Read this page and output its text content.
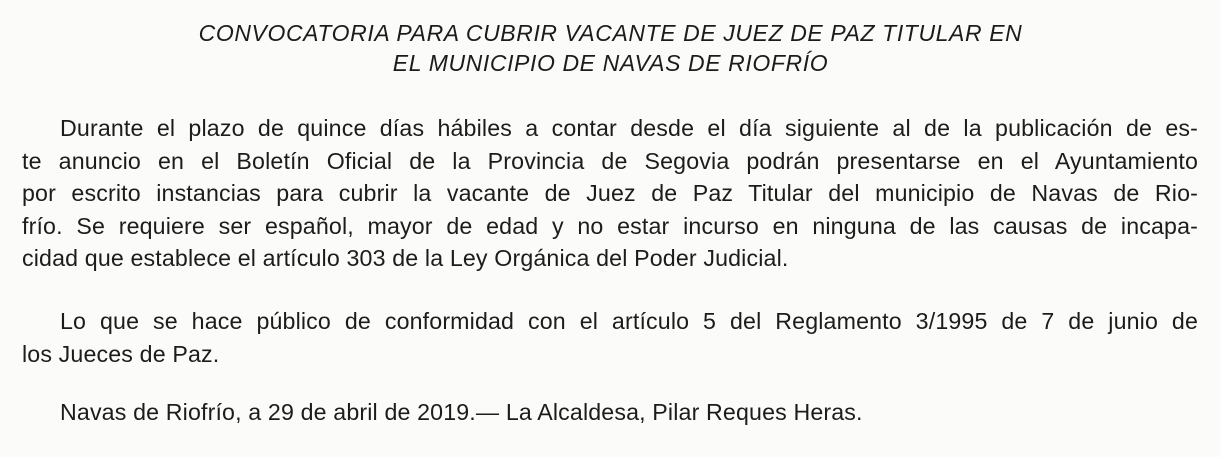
CONVOCATORIA PARA CUBRIR VACANTE DE JUEZ DE PAZ TITULAR EN
EL MUNICIPIO DE NAVAS DE RIOFRÍO
Durante el plazo de quince días hábiles a contar desde el día siguiente al de la publicación de es-
te anuncio en el Boletín Oficial de la Provincia de Segovia podrán presentarse en el Ayuntamiento
por escrito instancias para cubrir la vacante de Juez de Paz Titular del municipio de Navas de Rio-
frío. Se requiere ser español, mayor de edad y no estar incurso en ninguna de las causas de incapa-
cidad que establece el artículo 303 de la Ley Orgánica del Poder Judicial.
Lo que se hace público de conformidad con el artículo 5 del Reglamento 3/1995 de 7 de junio de
los Jueces de Paz.
Navas de Riofrío, a 29 de abril de 2019.— La Alcaldesa, Pilar Reques Heras.
